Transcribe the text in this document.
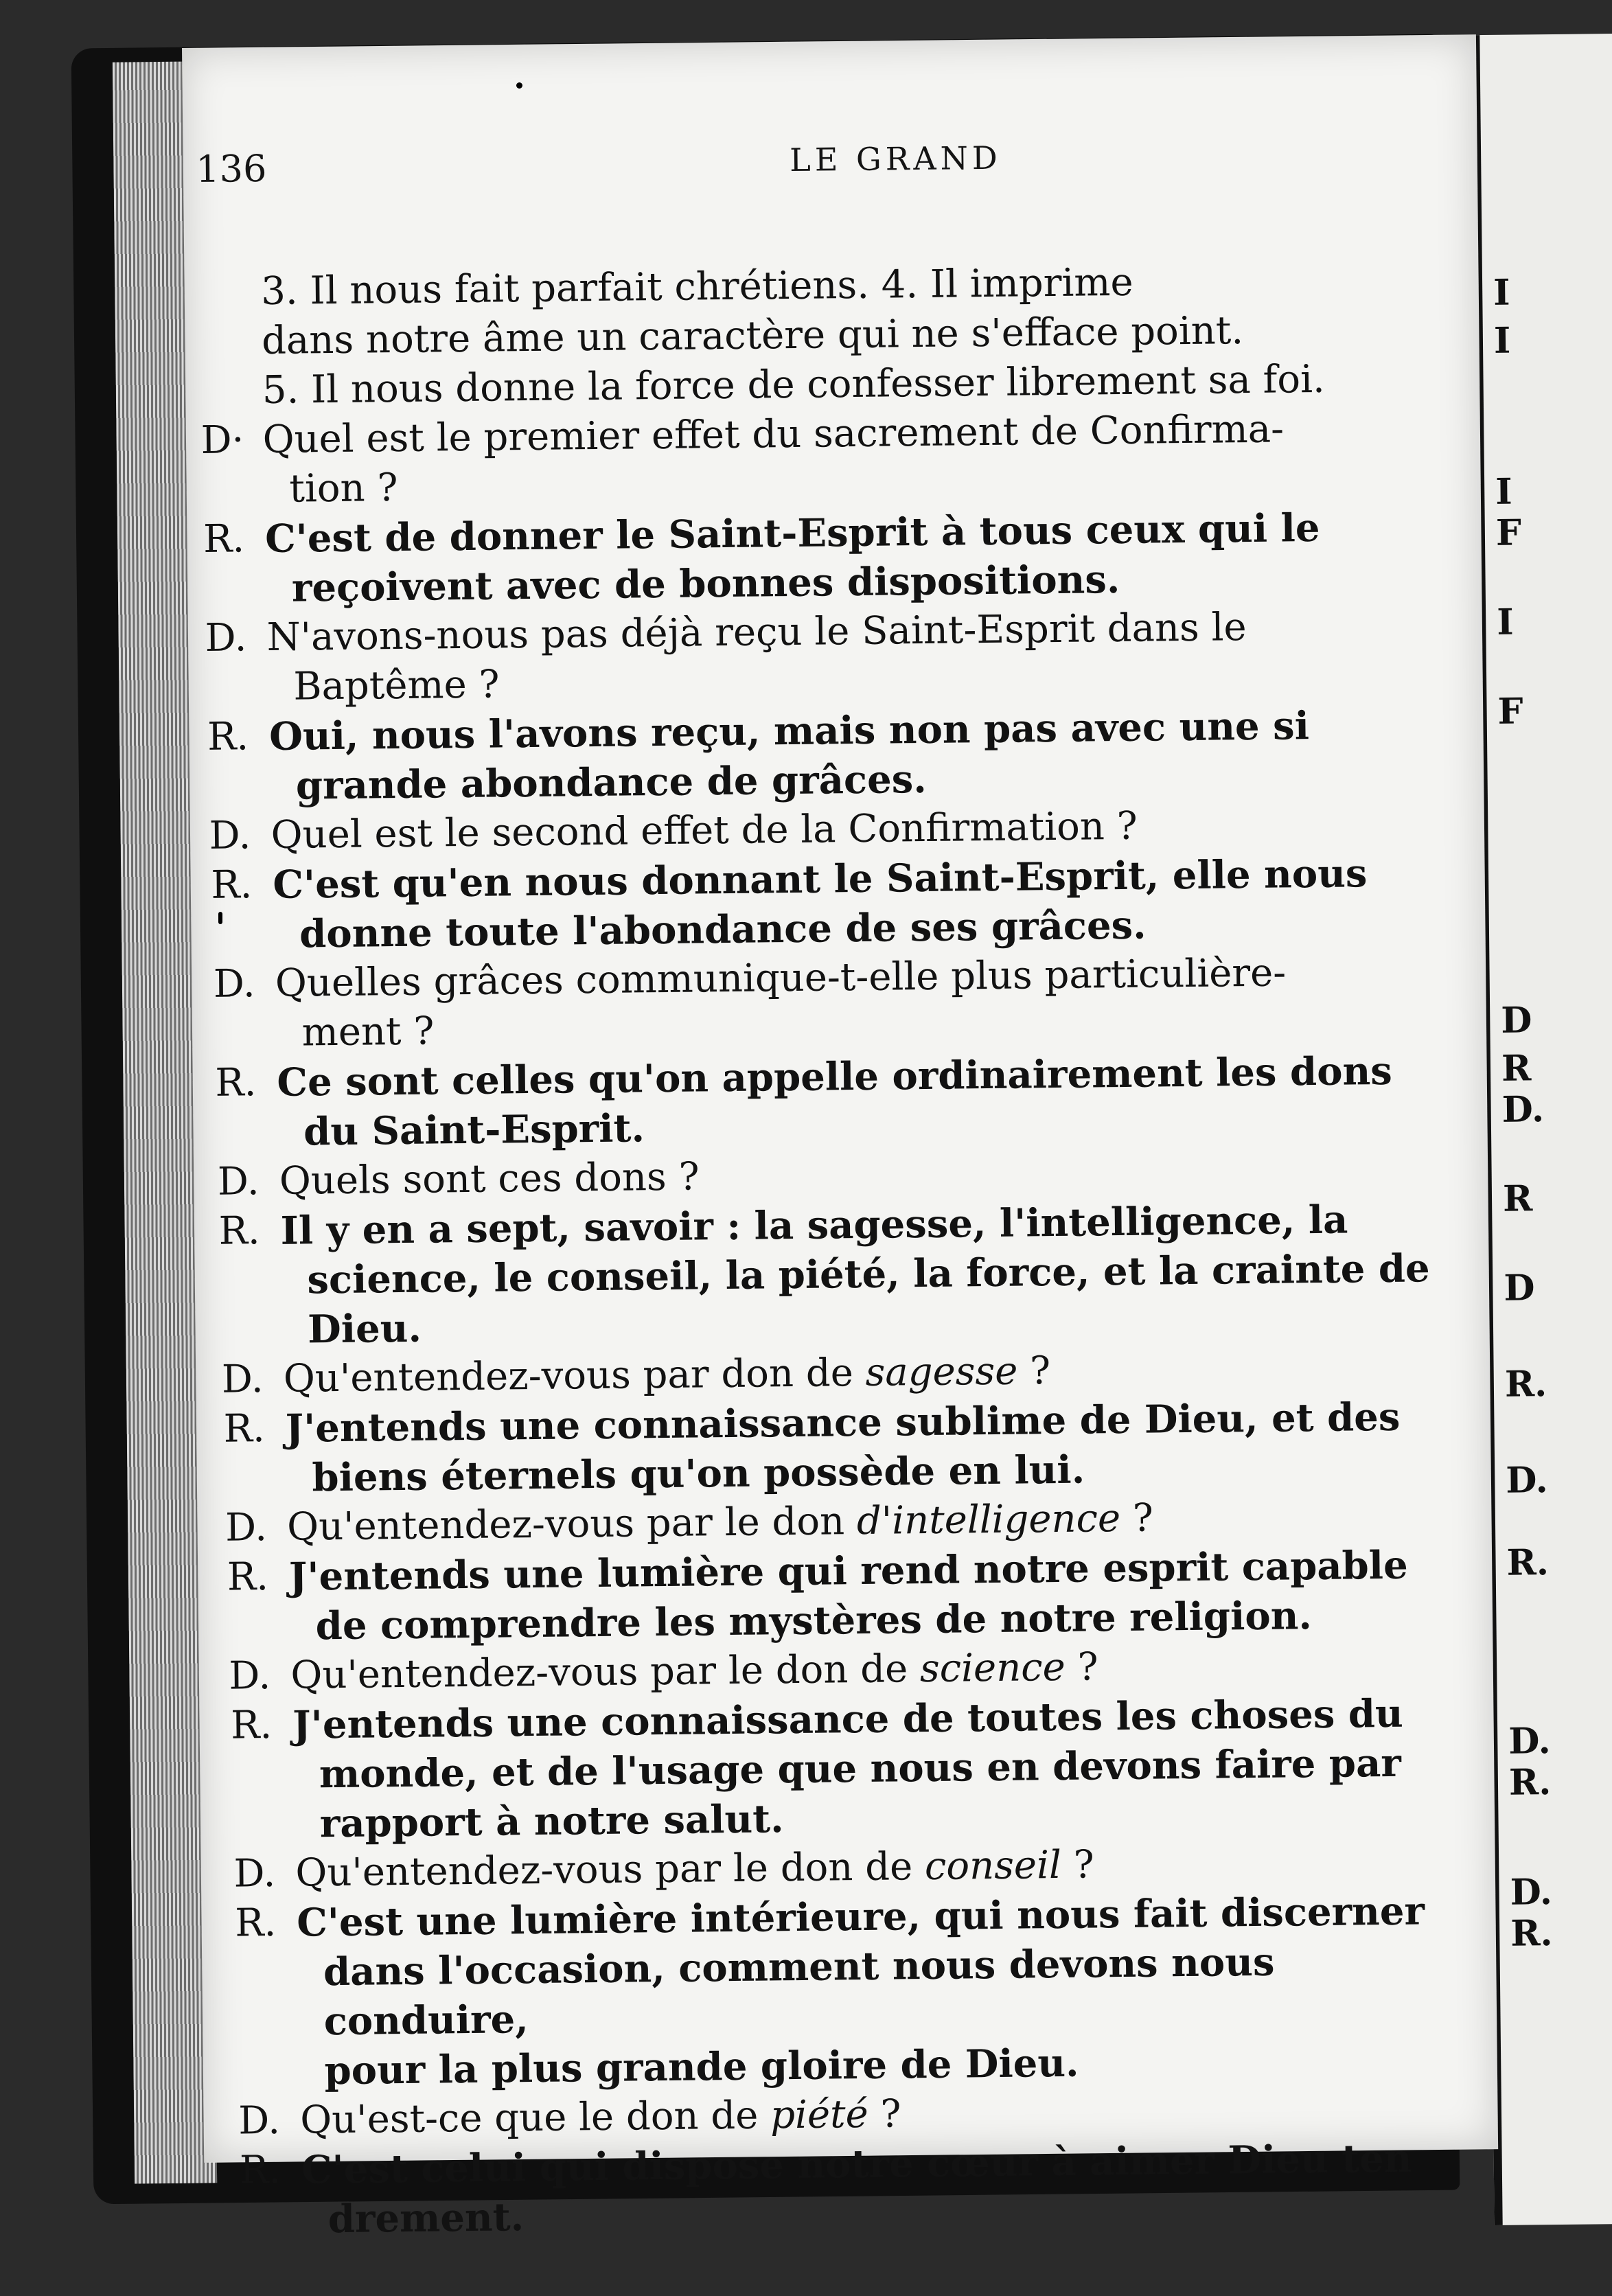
I
I
I
F
I
F
D
R
D.
R
D
R.
D.
R.
D.
R.
D.
R.
136	LE GRAND
3. Il nous fait parfait chrétiens. 4. Il imprime
dans notre âme un caractère qui ne s'efface point.
5. Il nous donne la force de confesser librement sa foi.
D· Quel est le premier effet du sacrement de Confirma-
tion ?
R. C'est de donner le Saint-Esprit à tous ceux qui le
reçoivent avec de bonnes dispositions.
D. N'avons-nous pas déjà reçu le Saint-Esprit dans le
Baptême ?
R. Oui, nous l'avons reçu, mais non pas avec une si
grande abondance de grâces.
D. Quel est le second effet de la Confirmation ?
R. C'est qu'en nous donnant le Saint-Esprit, elle nous
donne toute l'abondance de ses grâces.
D. Quelles grâces communique-t-elle plus particulière-
ment ?
R. Ce sont celles qu'on appelle ordinairement les dons
du Saint-Esprit.
D. Quels sont ces dons ?
R. Il y en a sept, savoir : la sagesse, l'intelligence, la
science, le conseil, la piété, la force, et la crainte de
Dieu.
D. Qu'entendez-vous par don de sagesse ?
R. J'entends une connaissance sublime de Dieu, et des
biens éternels qu'on possède en lui.
D. Qu'entendez-vous par le don d'intelligence ?
R. J'entends une lumière qui rend notre esprit capable
de comprendre les mystères de notre religion.
D. Qu'entendez-vous par le don de science ?
R. J'entends une connaissance de toutes les choses du
monde, et de l'usage que nous en devons faire par
rapport à notre salut.
D. Qu'entendez-vous par le don de conseil ?
R. C'est une lumière intérieure, qui nous fait discerner
dans l'occasion, comment nous devons nous conduire,
pour la plus grande gloire de Dieu.
D. Qu'est-ce que le don de piété ?
R. C'est celui qui dispose notre cœur à aimer Dieu ten
drement.
